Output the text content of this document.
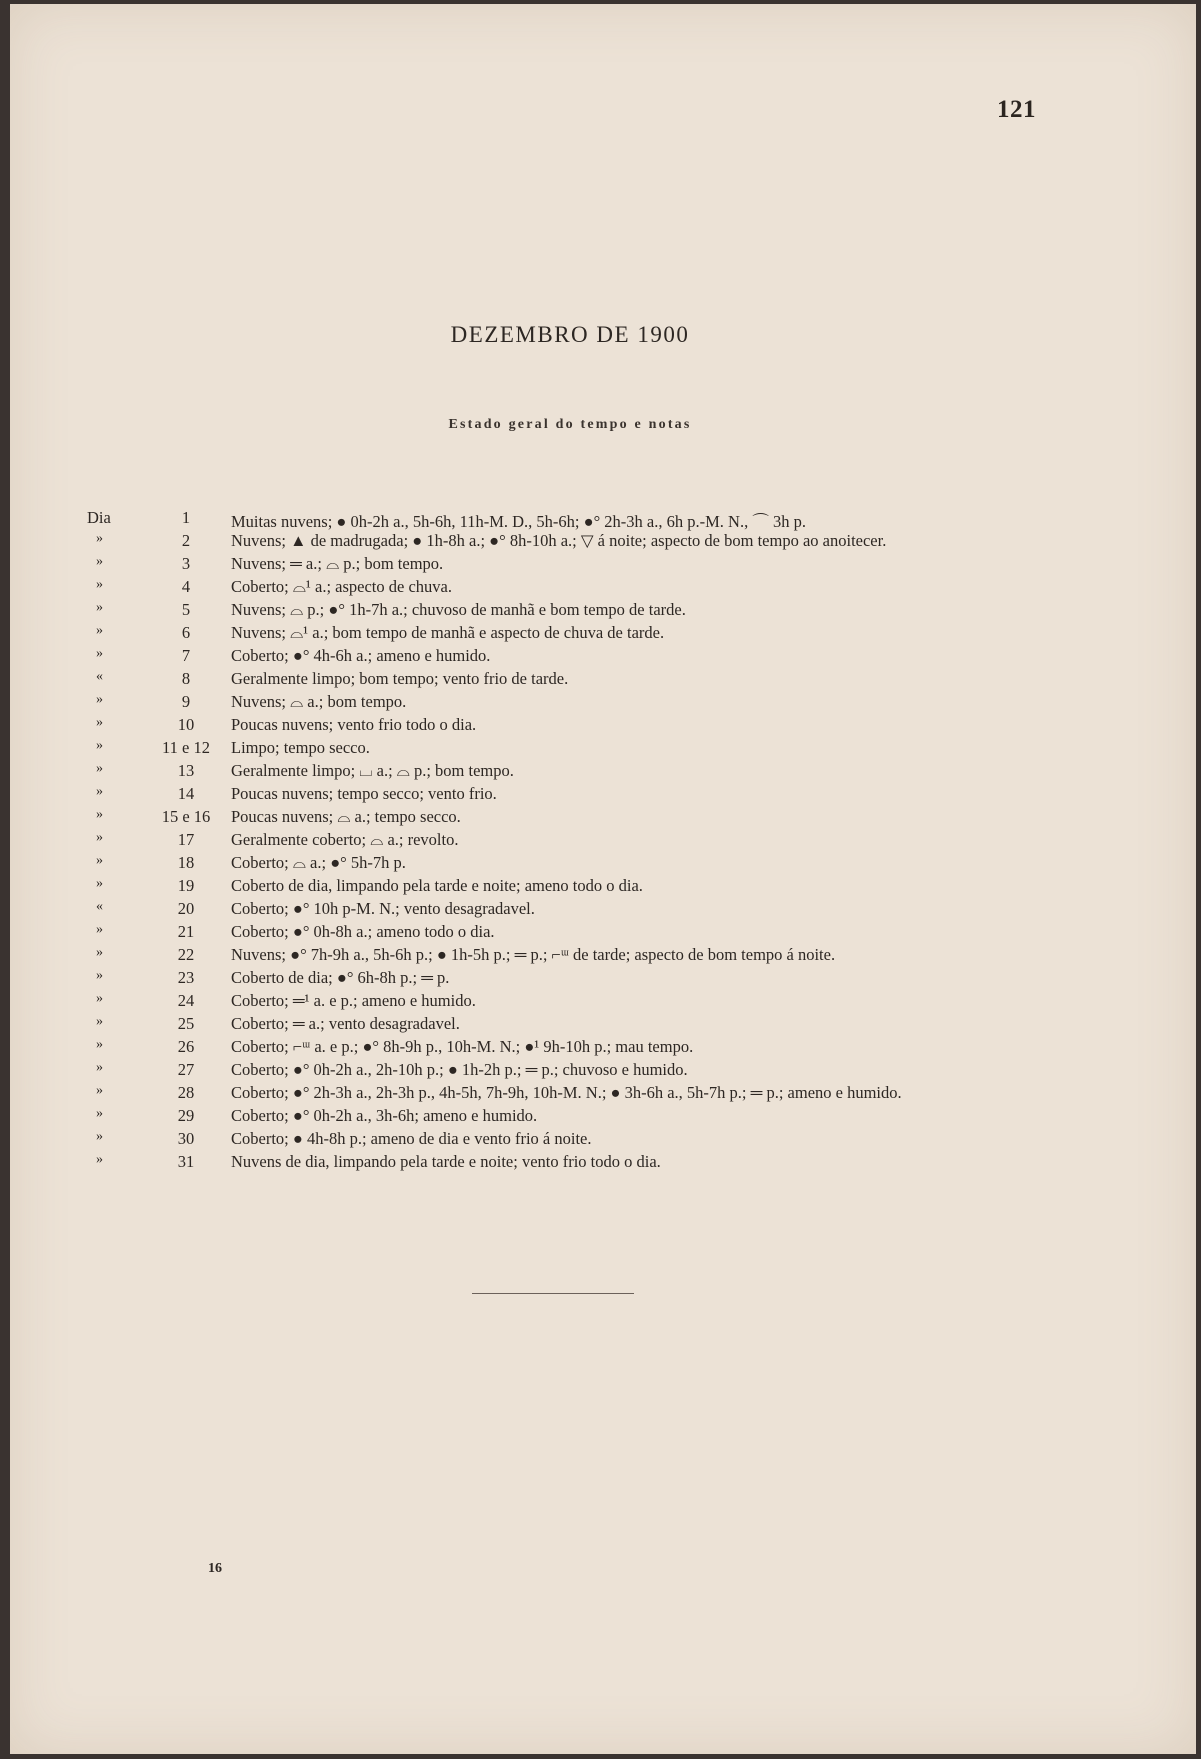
121
DEZEMBRO DE 1900
Estado geral do tempo e notas
Dia	1	Muitas nuvens; ● 0h-2h a., 5h-6h, 11h-M. D., 5h-6h; ●° 2h-3h a., 6h p.-M. N., ⌒ 3h p.
»	2	Nuvens; ▲ de madrugada; ● 1h-8h a.; ●° 8h-10h a.; ▽ á noite; aspecto de bom tempo ao anoitecer.
»	3	Nuvens; ═ a.; ⌓ p.; bom tempo.
»	4	Coberto; ⌓¹ a.; aspecto de chuva.
»	5	Nuvens; ⌓ p.; ●° 1h-7h a.; chuvoso de manhã e bom tempo de tarde.
»	6	Nuvens; ⌓¹ a.; bom tempo de manhã e aspecto de chuva de tarde.
»	7	Coberto; ●° 4h-6h a.; ameno e humido.
«	8	Geralmente limpo; bom tempo; vento frio de tarde.
»	9	Nuvens; ⌓ a.; bom tempo.
»	10	Poucas nuvens; vento frio todo o dia.
»	11 e 12	Limpo; tempo secco.
»	13	Geralmente limpo; ⌴ a.; ⌓ p.; bom tempo.
»	14	Poucas nuvens; tempo secco; vento frio.
»	15 e 16	Poucas nuvens; ⌓ a.; tempo secco.
»	17	Geralmente coberto; ⌓ a.; revolto.
»	18	Coberto; ⌓ a.; ●° 5h-7h p.
»	19	Coberto de dia, limpando pela tarde e noite; ameno todo o dia.
«	20	Coberto; ●° 10h p-M. N.; vento desagradavel.
»	21	Coberto; ●° 0h-8h a.; ameno todo o dia.
»	22	Nuvens; ●° 7h-9h a., 5h-6h p.; ● 1h-5h p.; ═ p.; ⌐ᵚ de tarde; aspecto de bom tempo á noite.
»	23	Coberto de dia; ●° 6h-8h p.; ═ p.
»	24	Coberto; ═¹ a. e p.; ameno e humido.
»	25	Coberto; ═ a.; vento desagradavel.
»	26	Coberto; ⌐ᵚ a. e p.; ●° 8h-9h p., 10h-M. N.; ●¹ 9h-10h p.; mau tempo.
»	27	Coberto; ●° 0h-2h a., 2h-10h p.; ● 1h-2h p.; ═ p.; chuvoso e humido.
»	28	Coberto; ●° 2h-3h a., 2h-3h p., 4h-5h, 7h-9h, 10h-M. N.; ● 3h-6h a., 5h-7h p.; ═ p.; ameno e humido.
»	29	Coberto; ●° 0h-2h a., 3h-6h; ameno e humido.
»	30	Coberto; ● 4h-8h p.; ameno de dia e vento frio á noite.
»	31	Nuvens de dia, limpando pela tarde e noite; vento frio todo o dia.
16
